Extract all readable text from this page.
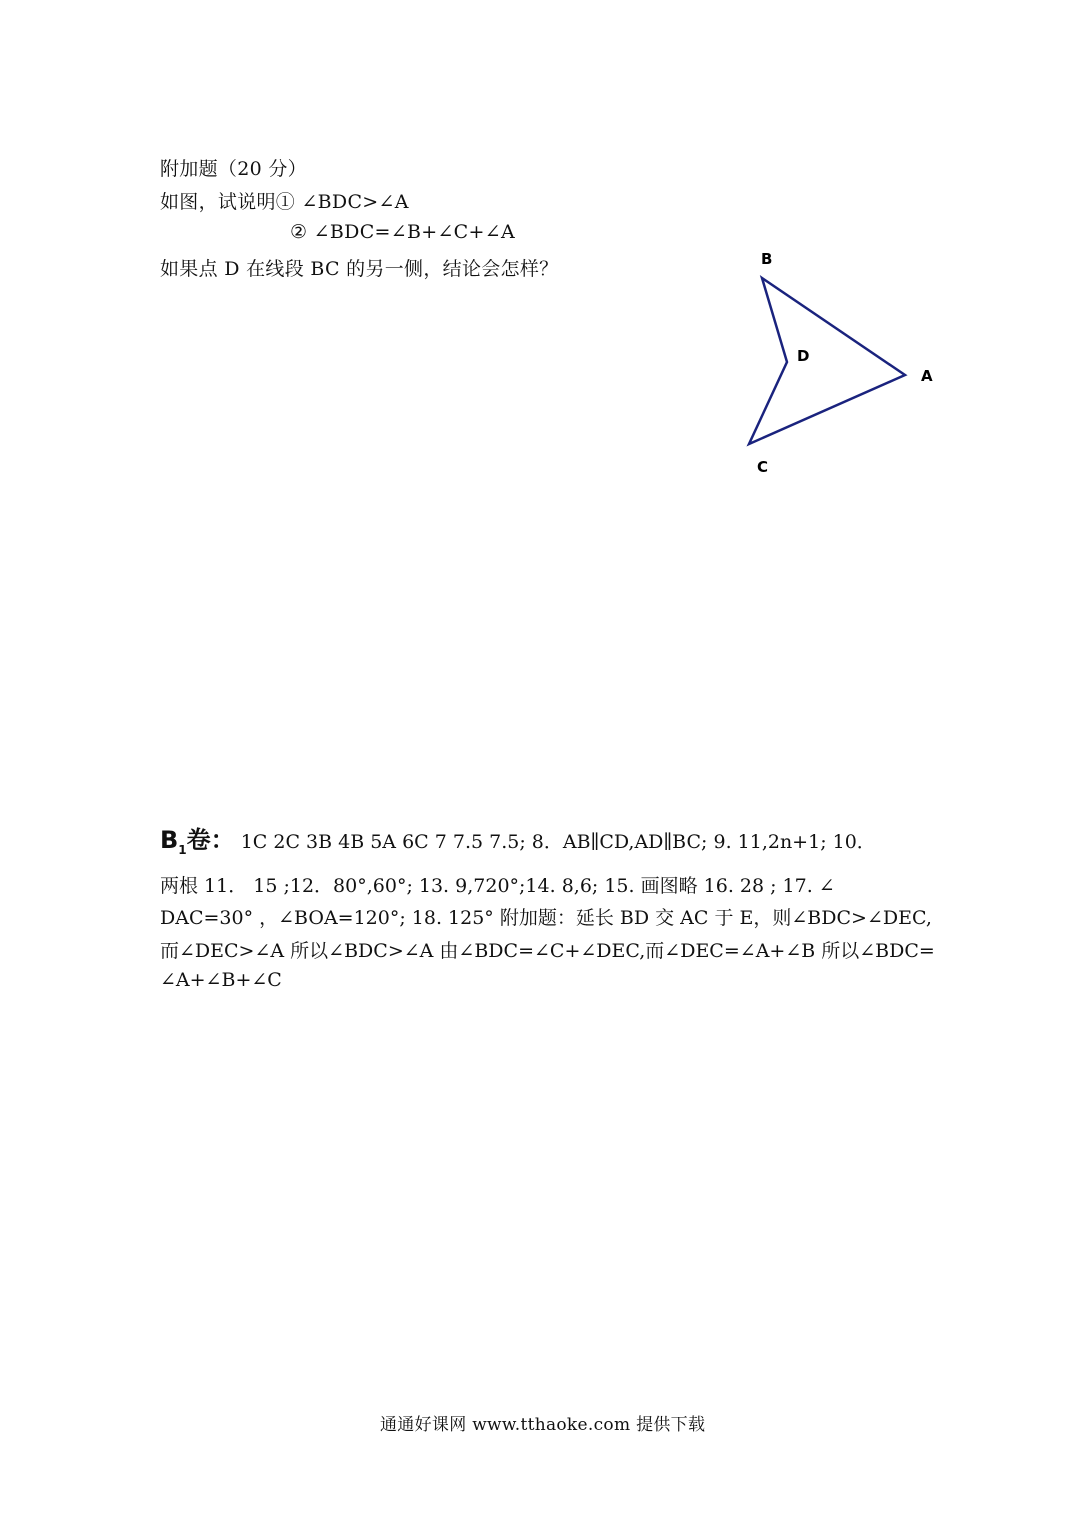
附加题（20 分）
如图，试说明① ∠BDC>∠A
② ∠BDC=∠B+∠C+∠A
如果点 D 在线段 BC 的另一侧，结论会怎样？	B
D
A
C
$B_1$卷： 1C 2C 3B 4B 5A 6C 7 7.5 7.5; 8．AB∥CD,AD∥BC; 9. 11,2n+1; 10．
两根 11． 15 ;12．80°,60°; 13. 9,720°;14. 8,6; 15. 画图略 16. 28 ; 17. ∠
DAC=30° ，∠BOA=120°; 18. 125° 附加题：延长 BD 交 AC 于 E，则∠BDC>∠DEC,
而∠DEC>∠A 所以∠BDC>∠A 由∠BDC=∠C+∠DEC,而∠DEC=∠A+∠B 所以∠BDC=
∠A+∠B+∠C
通通好课网 www.tthaoke.com 提供下载
